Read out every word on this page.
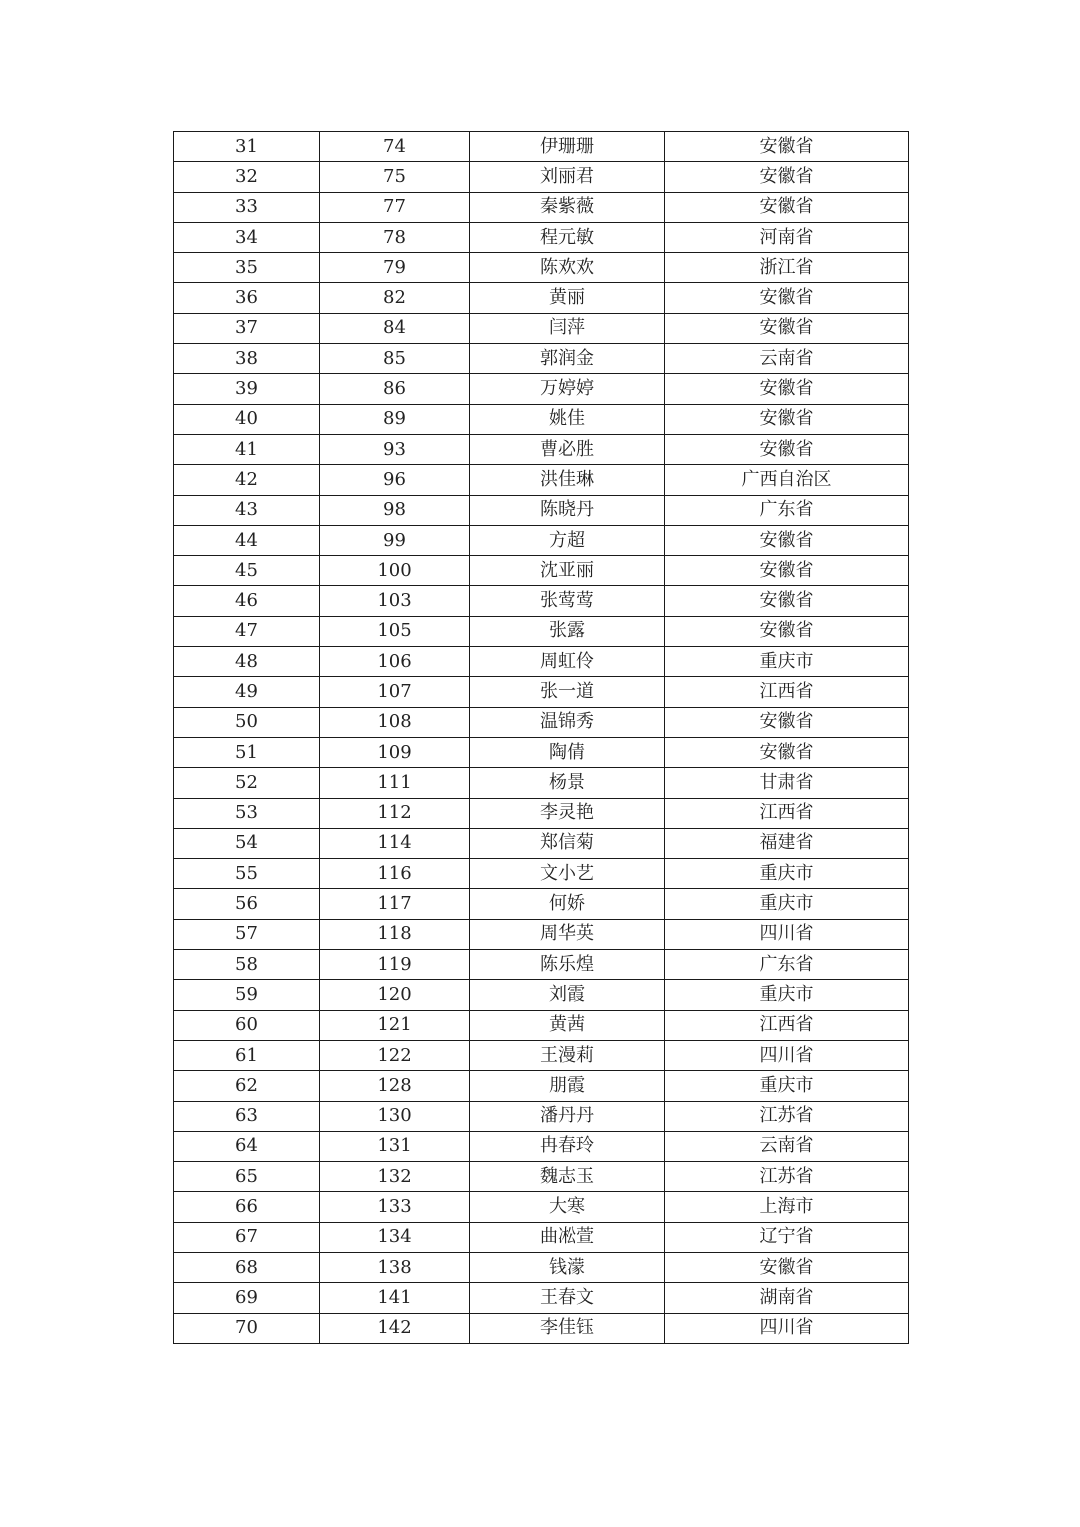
31	74	伊珊珊	安徽省
32	75	刘丽君	安徽省
33	77	秦紫薇	安徽省
34	78	程元敏	河南省
35	79	陈欢欢	浙江省
36	82	黄丽	安徽省
37	84	闫萍	安徽省
38	85	郭润金	云南省
39	86	万婷婷	安徽省
40	89	姚佳	安徽省
41	93	曹必胜	安徽省
42	96	洪佳琳	广西自治区
43	98	陈晓丹	广东省
44	99	方超	安徽省
45	100	沈亚丽	安徽省
46	103	张莺莺	安徽省
47	105	张露	安徽省
48	106	周虹伶	重庆市
49	107	张一道	江西省
50	108	温锦秀	安徽省
51	109	陶倩	安徽省
52	111	杨景	甘肃省
53	112	李灵艳	江西省
54	114	郑信菊	福建省
55	116	文小艺	重庆市
56	117	何娇	重庆市
57	118	周华英	四川省
58	119	陈乐煌	广东省
59	120	刘霞	重庆市
60	121	黄茜	江西省
61	122	王漫莉	四川省
62	128	朋霞	重庆市
63	130	潘丹丹	江苏省
64	131	冉春玲	云南省
65	132	魏志玉	江苏省
66	133	大寒	上海市
67	134	曲凇萱	辽宁省
68	138	钱濛	安徽省
69	141	王春文	湖南省
70	142	李佳钰	四川省
